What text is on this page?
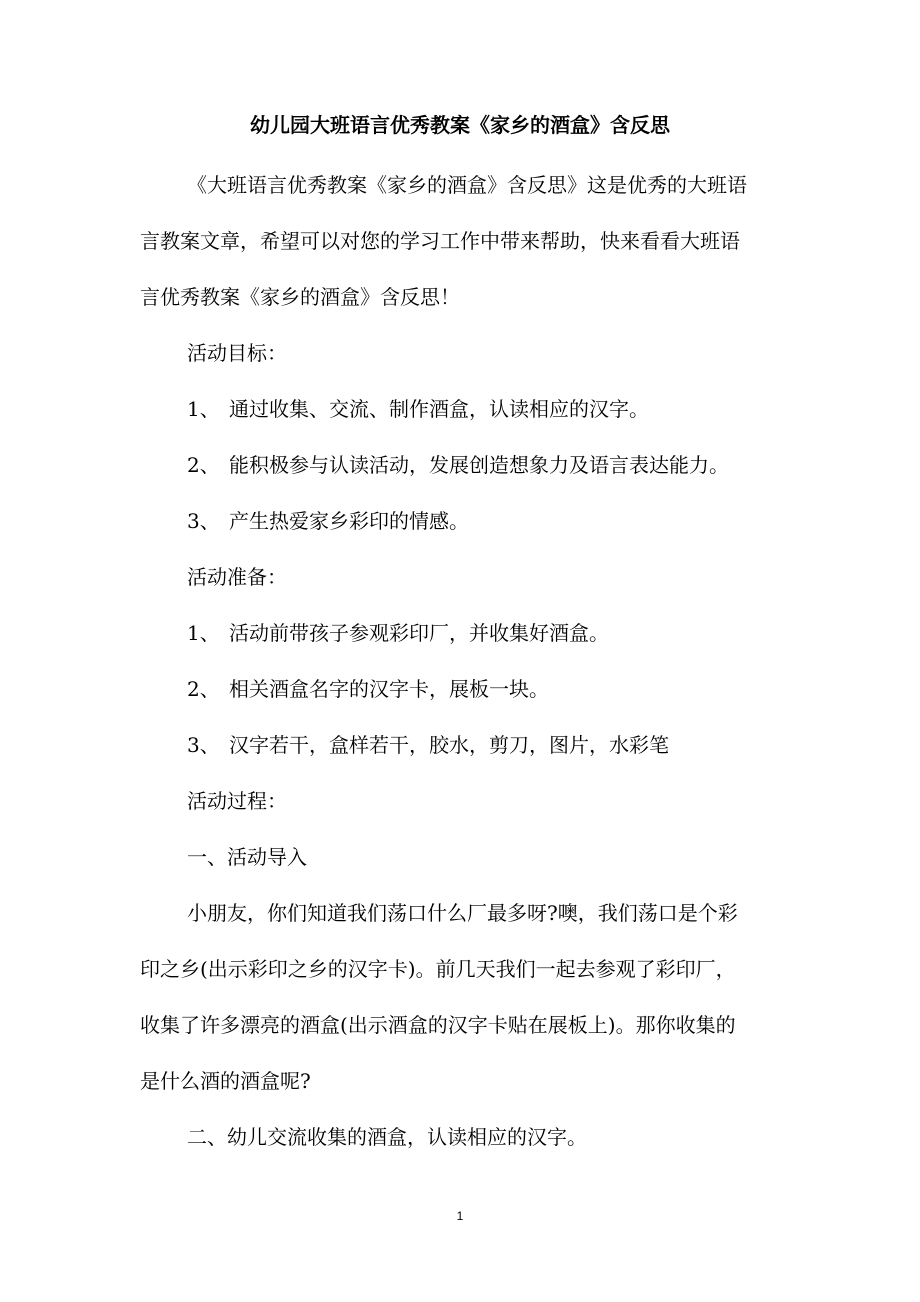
幼儿园大班语言优秀教案《家乡的酒盒》含反思
《大班语言优秀教案《家乡的酒盒》含反思》这是优秀的大班语
言教案文章，希望可以对您的学习工作中带来帮助，快来看看大班语
言优秀教案《家乡的酒盒》含反思！
活动目标：
1、 通过收集、交流、制作酒盒，认读相应的汉字。
2、 能积极参与认读活动，发展创造想象力及语言表达能力。
3、 产生热爱家乡彩印的情感。
活动准备：
1、 活动前带孩子参观彩印厂，并收集好酒盒。
2、 相关酒盒名字的汉字卡，展板一块。
3、 汉字若干，盒样若干，胶水，剪刀，图片，水彩笔
活动过程：
一、活动导入
小朋友，你们知道我们荡口什么厂最多呀?噢，我们荡口是个彩
印之乡(出示彩印之乡的汉字卡)。前几天我们一起去参观了彩印厂，
收集了许多漂亮的酒盒(出示酒盒的汉字卡贴在展板上)。那你收集的
是什么酒的酒盒呢?
二、幼儿交流收集的酒盒，认读相应的汉字。
1
